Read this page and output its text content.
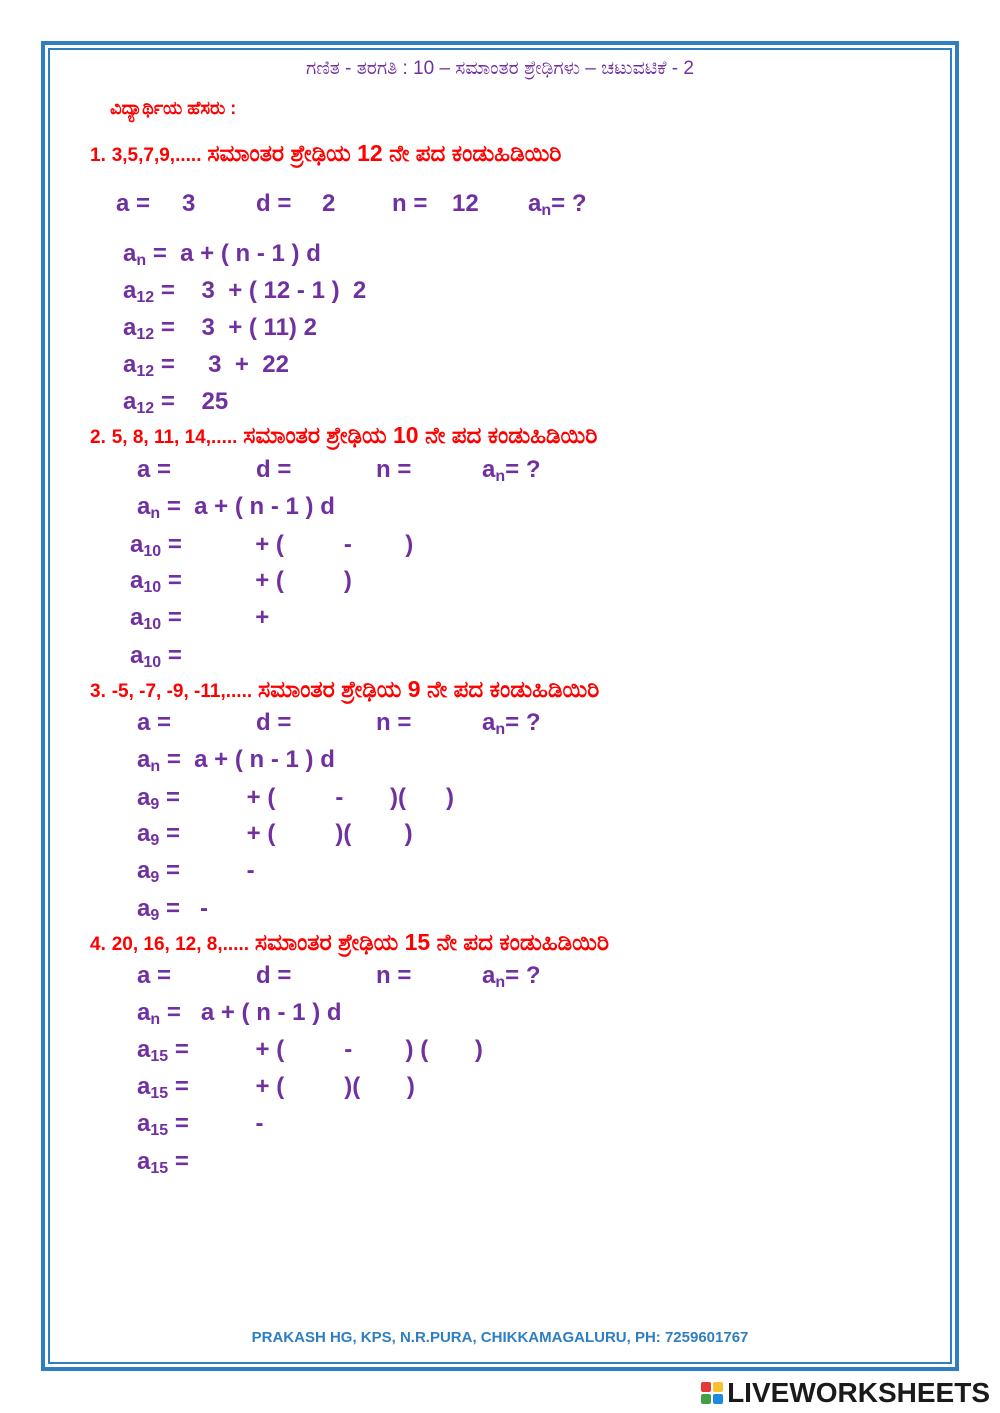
ಗಣಿತ - ತರಗತಿ : 10 – ಸಮಾಂತರ ಶ್ರೇಢಿಗಳು – ಚಟುವಟಿಕೆ - 2
ವಿದ್ಯಾರ್ಥಿಯ ಹೆಸರು :
1. 3,5,7,9,..... ಸಮಾಂತರ ಶ್ರೇಢಿಯ 12 ನೇ ಪದ ಕಂಡುಹಿಡಿಯಿರಿ
a = 3	d = 2 n = 12 $a_n=$ ?
$a_n = a$ + ( n - 1 ) d
$a_{12}$ =    3  + ( 12 - 1 )  2
$a_{12}$ =    3  + ( 11) 2
$a_{12}$ =     3  +  22
$a_{12}$ =    25
2. 5, 8, 11, 14,..... ಸಮಾಂತರ ಶ್ರೇಢಿಯ 10 ನೇ ಪದ ಕಂಡುಹಿಡಿಯಿರಿ
a =	d =	n =	$a_n=$ ?
$a_n = a$ + ( n - 1 ) d
$a_{10}$ =           + (         -        )
$a_{10}$ =           + (         )
$a_{10}$ =           +
$a_{10}$ =
3. -5, -7, -9, -11,..... ಸಮಾಂತರ ಶ್ರೇಢಿಯ 9 ನೇ ಪದ ಕಂಡುಹಿಡಿಯಿರಿ
a =	d =	n =	$a_n=$ ?
$a_n = a$ + ( n - 1 ) d
$a_9$ =          + (         -       )(      )
$a_9$ =          + (         )(        )
$a_9$ =          -
$a_9$ =   -
4. 20, 16, 12, 8,..... ಸಮಾಂತರ ಶ್ರೇಢಿಯ 15 ನೇ ಪದ ಕಂಡುಹಿಡಿಯಿರಿ
a =	d =	n =	$a_n=$ ?
$a_n = a$ + ( n - 1 ) d
$a_{15}$ =          + (         -        ) (       )
$a_{15}$ =          + (         )(       )
$a_{15}$ =          -
$a_{15}$ =
PRAKASH HG, KPS, N.R.PURA, CHIKKAMAGALURU, PH: 7259601767
LIVEWORKSHEETS
